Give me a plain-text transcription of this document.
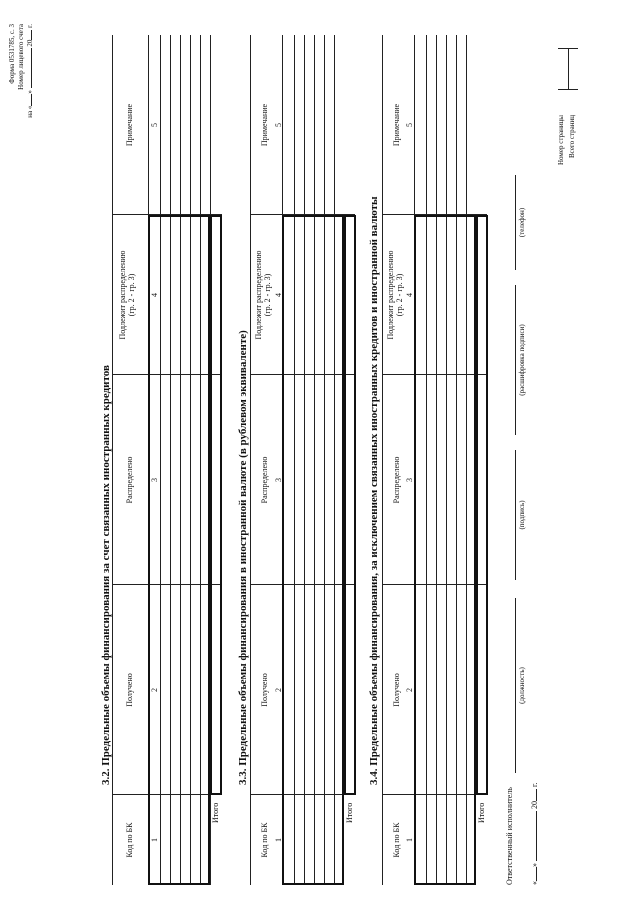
Форма 0531785, с. 3 Номер лицевого счета
на «»  20 г.
3.2. Предельные объемы финансирования за счет связанных иностранных кредитов
Код по БК
Получено
Распределено
Подлежит распределению (гр. 2 - гр. 3)
Примечание
1
2
3
4
5
Итого
3.3. Предельные объемы финансирования в иностранной валюте (в рублевом эквиваленте)
Код по БК
Получено
Распределено
Подлежит распределению (гр. 2 - гр. 3)
Примечание
1
2
3
4
5
Итого
3.4. Предельные объемы финансирования, за исключением связанных иностранных кредитов и иностранной валюты
Код по БК
Получено
Распределено
Подлежит распределению (гр. 2 - гр. 3)
Примечание
1
2
3
4
5
Итого Ответственный исполнитель
(должность)
(подпись)
(расшифровка подписи)
(телефон)
«»  20 г.
Номер страницы Всего страниц
